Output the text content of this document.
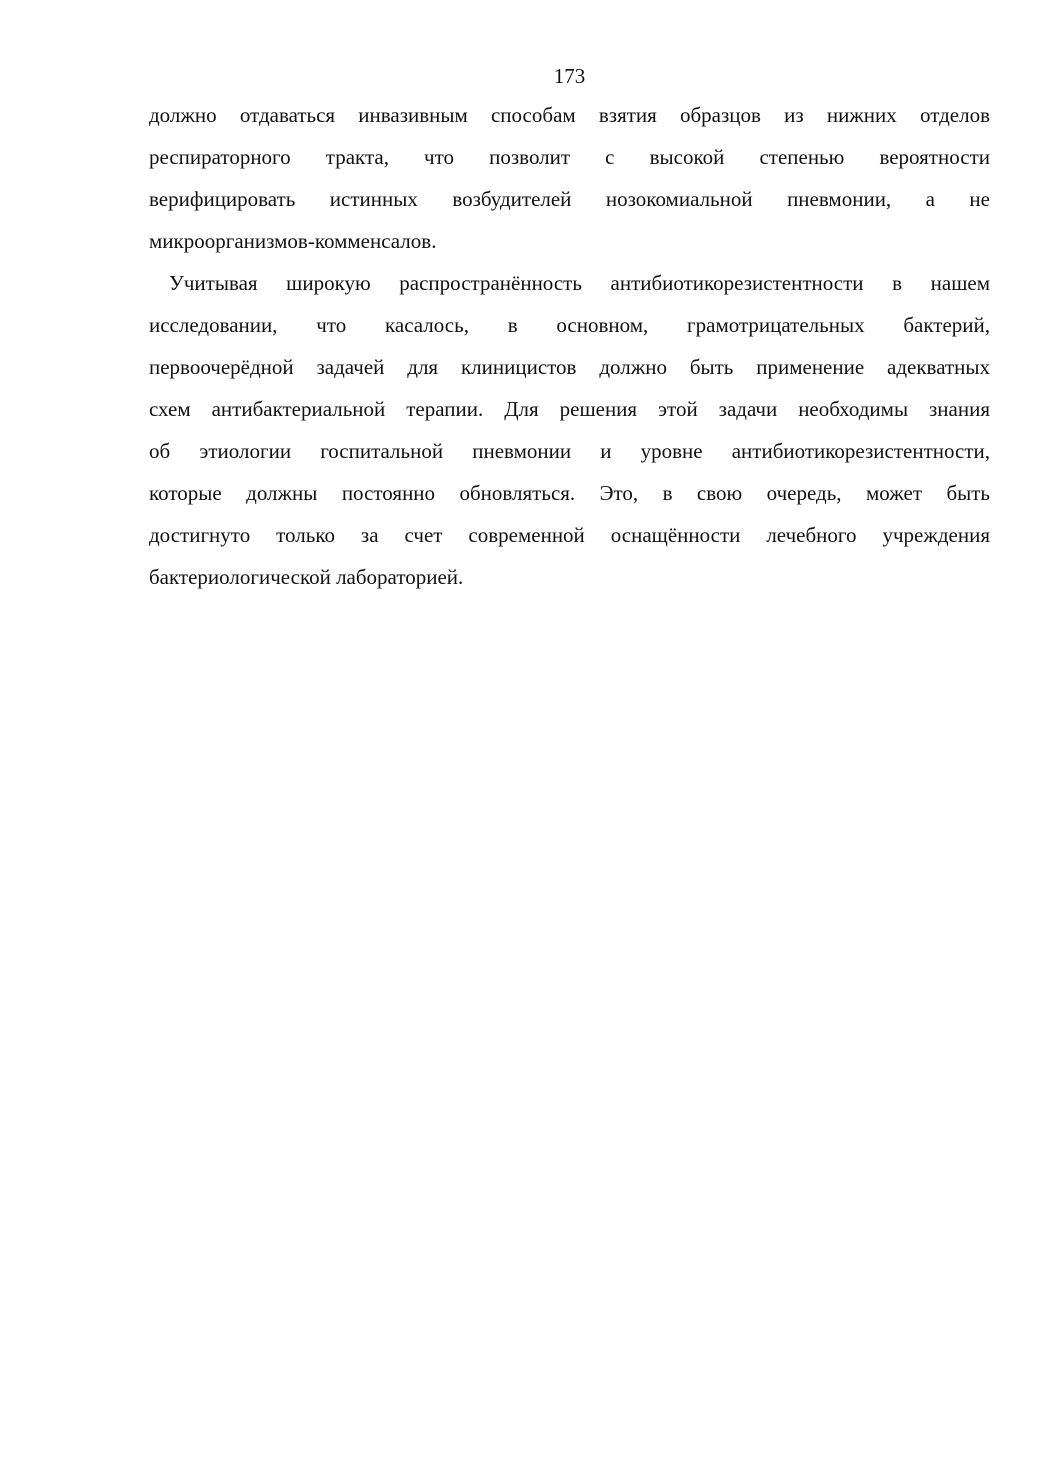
173
должно отдаваться инвазивным способам взятия образцов из нижних отделов
респираторного тракта, что позволит с высокой степенью вероятности
верифицировать истинных возбудителей нозокомиальной пневмонии, а не
микроорганизмов-комменсалов.
Учитывая широкую распространённость антибиотикорезистентности в нашем
исследовании, что касалось, в основном, грамотрицательных бактерий,
первоочерёдной задачей для клиницистов должно быть применение адекватных
схем антибактериальной терапии. Для решения этой задачи необходимы знания
об этиологии госпитальной пневмонии и уровне антибиотикорезистентности,
которые должны постоянно обновляться. Это, в свою очередь, может быть
достигнуто только за счет современной оснащённости лечебного учреждения
бактериологической лабораторией.
